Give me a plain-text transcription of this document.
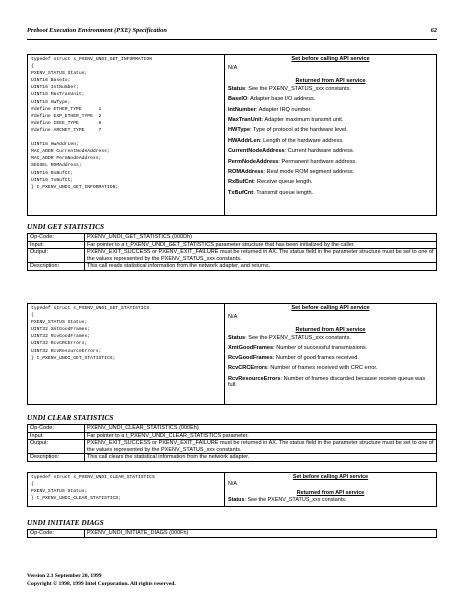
Preboot Execution Environment (PXE) Specification	62
typedef struct s_PXENV_UNDI_GET_INFORMATION
{
PXENV_STATUS Status;
UINT16 BaseIo;
UINT16 IntNumber;
UINT16 MaxTranUnit;
UINT16 HwType;
#define ETHER_TYPE      1
#define EXP_ETHER_TYPE  2
#define IEEE_TYPE       6
#define ARCNET_TYPE     7
UINT16 HwAddrLen;
MAC_ADDR CurrentNodeAddress;
MAC_ADDR PermNodeAddress;
SEGSEL ROMAddress;
UINT16 RxBufCt;
UINT16 TxBufCt;
} t_PXENV_UNDI_GET_INFORMATION;
Set before calling API service
N/A
Returned from API service
Status: See the PXENV_STATUS_xxx constants.
BaseIO: Adapter base I/O address.
IntNumber: Adapter IRQ number.
MaxTranUnit: Adapter maximum transmit unit.
HWType: Type of protocol at the hardware level.
HWAddrLen: Length of the hardware address.
CurrentNodeAddress: Current hardware address.
PermNodeAddress: Permanent hardware address.
ROMAddress: Real mode ROM segment address.
RxBufCnt: Receive queue length.
TxBufCnt: Transmit queue length.
UNDI GET STATISTICS
Op-Code:	PXENV_UNDI_GET_STATISTICS (000Dh)
Input:	Far pointer to a t_PXENV_UNDI_GET_STATISTICS parameter structure that has been initialized by the caller.
Output:	PXENV_EXIT_SUCCESS or PXENV_EXIT_FAILURE must be returned in AX. The status field in the parameter structure must be set to one of the values represented by the PXENV_STATUS_xxx constants.
Description:	This call reads statistical information from the network adapter, and returns.
typedef struct s_PXENV_UNDI_GET_STATISTICS
{
PXENV_STATUS Status;
UINT32 XmtGoodFrames;
UINT32 RcvGoodFrames;
UINT32 RcvCRCErrors;
UINT32 RcvResourceErrors;
} t_PXENV_UNDI_GET_STATISTICS;
Set before calling API service
N/A
Returned from API service
Status: See the PXENV_STATUS_xxx constants.
XmtGoodFrames: Number of successful transmissions.
RcvGoodFrames: Number of good frames received.
RcvCRCErrors: Number of frames received with CRC error.
RcvResourceErrors: Number of frames discarded because receive queue was full.
UNDI CLEAR STATISTICS
Op-Code:	PXENV_UNDI_CLEAR_STATISTICS (000Eh)
Input:	Far pointer to a t_PXENV_UNDI_CLEAR_STATISTICS parameter.
Output:	PXENV_EXIT_SUCCESS or PXENV_EXIT_FAILURE must be returned in AX. The status field in the parameter structure must be set to one of the values represented by the PXENV_STATUS_xxx constants.
Description:	This call clears the statistical information from the network adapter.
typedef struct s_PXENV_UNDI_CLEAR_STATISTICS
{
PXENV_STATUS Status;
} t_PXENV_UNDI_CLEAR_STATISTICS;
Set before calling API service
N/A
Returned from API service
Status: See the PXENV_STATUS_xxx constants.
UNDI INITIATE DIAGS
Op-Code:	PXENV_UNDI_INITIATE_DIAGS (000Fh)
Version 2.1 September 20, 1999
Copyright © 1998, 1999 Intel Corporation. All rights reserved.
